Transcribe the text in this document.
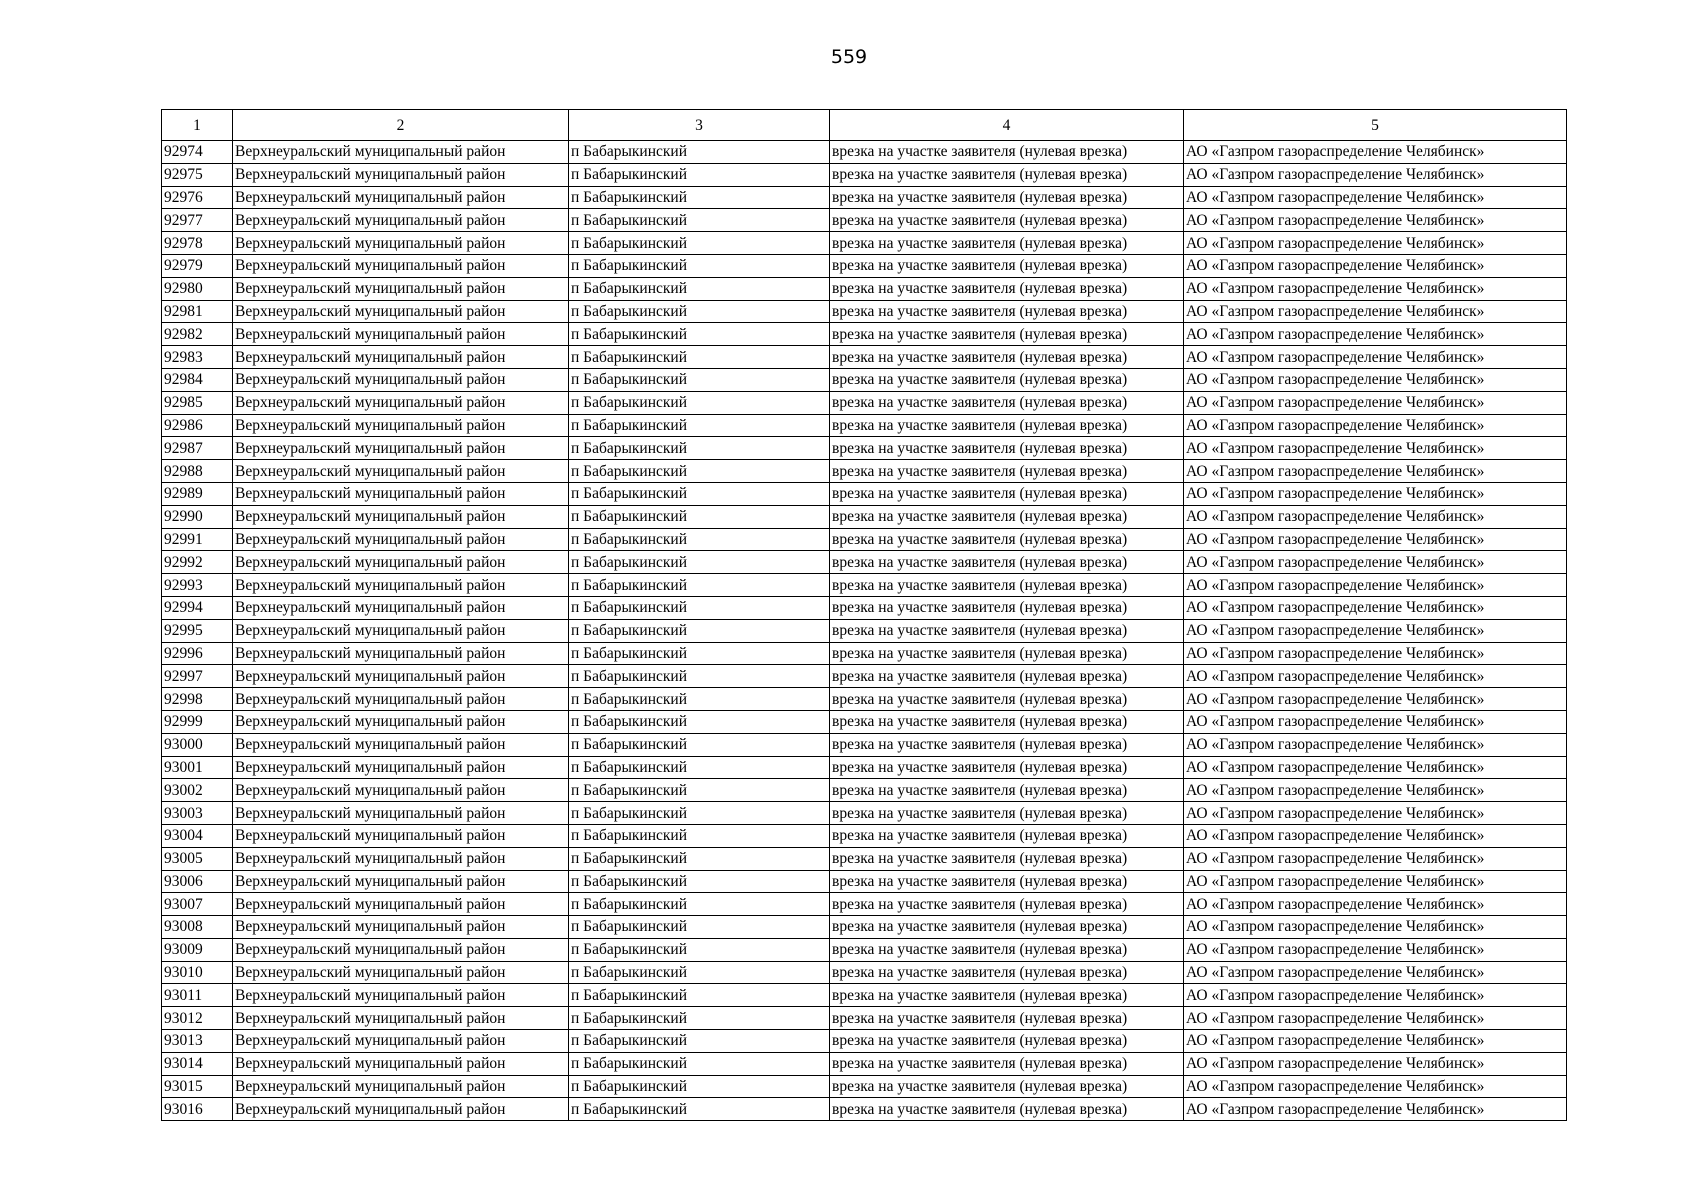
559
1	2	3	4	5
92974	Верхнеуральский муниципальный район	п Бабарыкинский	врезка на участке заявителя (нулевая врезка)	АО «Газпром газораспределение Челябинск»
92975	Верхнеуральский муниципальный район	п Бабарыкинский	врезка на участке заявителя (нулевая врезка)	АО «Газпром газораспределение Челябинск»
92976	Верхнеуральский муниципальный район	п Бабарыкинский	врезка на участке заявителя (нулевая врезка)	АО «Газпром газораспределение Челябинск»
92977	Верхнеуральский муниципальный район	п Бабарыкинский	врезка на участке заявителя (нулевая врезка)	АО «Газпром газораспределение Челябинск»
92978	Верхнеуральский муниципальный район	п Бабарыкинский	врезка на участке заявителя (нулевая врезка)	АО «Газпром газораспределение Челябинск»
92979	Верхнеуральский муниципальный район	п Бабарыкинский	врезка на участке заявителя (нулевая врезка)	АО «Газпром газораспределение Челябинск»
92980	Верхнеуральский муниципальный район	п Бабарыкинский	врезка на участке заявителя (нулевая врезка)	АО «Газпром газораспределение Челябинск»
92981	Верхнеуральский муниципальный район	п Бабарыкинский	врезка на участке заявителя (нулевая врезка)	АО «Газпром газораспределение Челябинск»
92982	Верхнеуральский муниципальный район	п Бабарыкинский	врезка на участке заявителя (нулевая врезка)	АО «Газпром газораспределение Челябинск»
92983	Верхнеуральский муниципальный район	п Бабарыкинский	врезка на участке заявителя (нулевая врезка)	АО «Газпром газораспределение Челябинск»
92984	Верхнеуральский муниципальный район	п Бабарыкинский	врезка на участке заявителя (нулевая врезка)	АО «Газпром газораспределение Челябинск»
92985	Верхнеуральский муниципальный район	п Бабарыкинский	врезка на участке заявителя (нулевая врезка)	АО «Газпром газораспределение Челябинск»
92986	Верхнеуральский муниципальный район	п Бабарыкинский	врезка на участке заявителя (нулевая врезка)	АО «Газпром газораспределение Челябинск»
92987	Верхнеуральский муниципальный район	п Бабарыкинский	врезка на участке заявителя (нулевая врезка)	АО «Газпром газораспределение Челябинск»
92988	Верхнеуральский муниципальный район	п Бабарыкинский	врезка на участке заявителя (нулевая врезка)	АО «Газпром газораспределение Челябинск»
92989	Верхнеуральский муниципальный район	п Бабарыкинский	врезка на участке заявителя (нулевая врезка)	АО «Газпром газораспределение Челябинск»
92990	Верхнеуральский муниципальный район	п Бабарыкинский	врезка на участке заявителя (нулевая врезка)	АО «Газпром газораспределение Челябинск»
92991	Верхнеуральский муниципальный район	п Бабарыкинский	врезка на участке заявителя (нулевая врезка)	АО «Газпром газораспределение Челябинск»
92992	Верхнеуральский муниципальный район	п Бабарыкинский	врезка на участке заявителя (нулевая врезка)	АО «Газпром газораспределение Челябинск»
92993	Верхнеуральский муниципальный район	п Бабарыкинский	врезка на участке заявителя (нулевая врезка)	АО «Газпром газораспределение Челябинск»
92994	Верхнеуральский муниципальный район	п Бабарыкинский	врезка на участке заявителя (нулевая врезка)	АО «Газпром газораспределение Челябинск»
92995	Верхнеуральский муниципальный район	п Бабарыкинский	врезка на участке заявителя (нулевая врезка)	АО «Газпром газораспределение Челябинск»
92996	Верхнеуральский муниципальный район	п Бабарыкинский	врезка на участке заявителя (нулевая врезка)	АО «Газпром газораспределение Челябинск»
92997	Верхнеуральский муниципальный район	п Бабарыкинский	врезка на участке заявителя (нулевая врезка)	АО «Газпром газораспределение Челябинск»
92998	Верхнеуральский муниципальный район	п Бабарыкинский	врезка на участке заявителя (нулевая врезка)	АО «Газпром газораспределение Челябинск»
92999	Верхнеуральский муниципальный район	п Бабарыкинский	врезка на участке заявителя (нулевая врезка)	АО «Газпром газораспределение Челябинск»
93000	Верхнеуральский муниципальный район	п Бабарыкинский	врезка на участке заявителя (нулевая врезка)	АО «Газпром газораспределение Челябинск»
93001	Верхнеуральский муниципальный район	п Бабарыкинский	врезка на участке заявителя (нулевая врезка)	АО «Газпром газораспределение Челябинск»
93002	Верхнеуральский муниципальный район	п Бабарыкинский	врезка на участке заявителя (нулевая врезка)	АО «Газпром газораспределение Челябинск»
93003	Верхнеуральский муниципальный район	п Бабарыкинский	врезка на участке заявителя (нулевая врезка)	АО «Газпром газораспределение Челябинск»
93004	Верхнеуральский муниципальный район	п Бабарыкинский	врезка на участке заявителя (нулевая врезка)	АО «Газпром газораспределение Челябинск»
93005	Верхнеуральский муниципальный район	п Бабарыкинский	врезка на участке заявителя (нулевая врезка)	АО «Газпром газораспределение Челябинск»
93006	Верхнеуральский муниципальный район	п Бабарыкинский	врезка на участке заявителя (нулевая врезка)	АО «Газпром газораспределение Челябинск»
93007	Верхнеуральский муниципальный район	п Бабарыкинский	врезка на участке заявителя (нулевая врезка)	АО «Газпром газораспределение Челябинск»
93008	Верхнеуральский муниципальный район	п Бабарыкинский	врезка на участке заявителя (нулевая врезка)	АО «Газпром газораспределение Челябинск»
93009	Верхнеуральский муниципальный район	п Бабарыкинский	врезка на участке заявителя (нулевая врезка)	АО «Газпром газораспределение Челябинск»
93010	Верхнеуральский муниципальный район	п Бабарыкинский	врезка на участке заявителя (нулевая врезка)	АО «Газпром газораспределение Челябинск»
93011	Верхнеуральский муниципальный район	п Бабарыкинский	врезка на участке заявителя (нулевая врезка)	АО «Газпром газораспределение Челябинск»
93012	Верхнеуральский муниципальный район	п Бабарыкинский	врезка на участке заявителя (нулевая врезка)	АО «Газпром газораспределение Челябинск»
93013	Верхнеуральский муниципальный район	п Бабарыкинский	врезка на участке заявителя (нулевая врезка)	АО «Газпром газораспределение Челябинск»
93014	Верхнеуральский муниципальный район	п Бабарыкинский	врезка на участке заявителя (нулевая врезка)	АО «Газпром газораспределение Челябинск»
93015	Верхнеуральский муниципальный район	п Бабарыкинский	врезка на участке заявителя (нулевая врезка)	АО «Газпром газораспределение Челябинск»
93016	Верхнеуральский муниципальный район	п Бабарыкинский	врезка на участке заявителя (нулевая врезка)	АО «Газпром газораспределение Челябинск»
